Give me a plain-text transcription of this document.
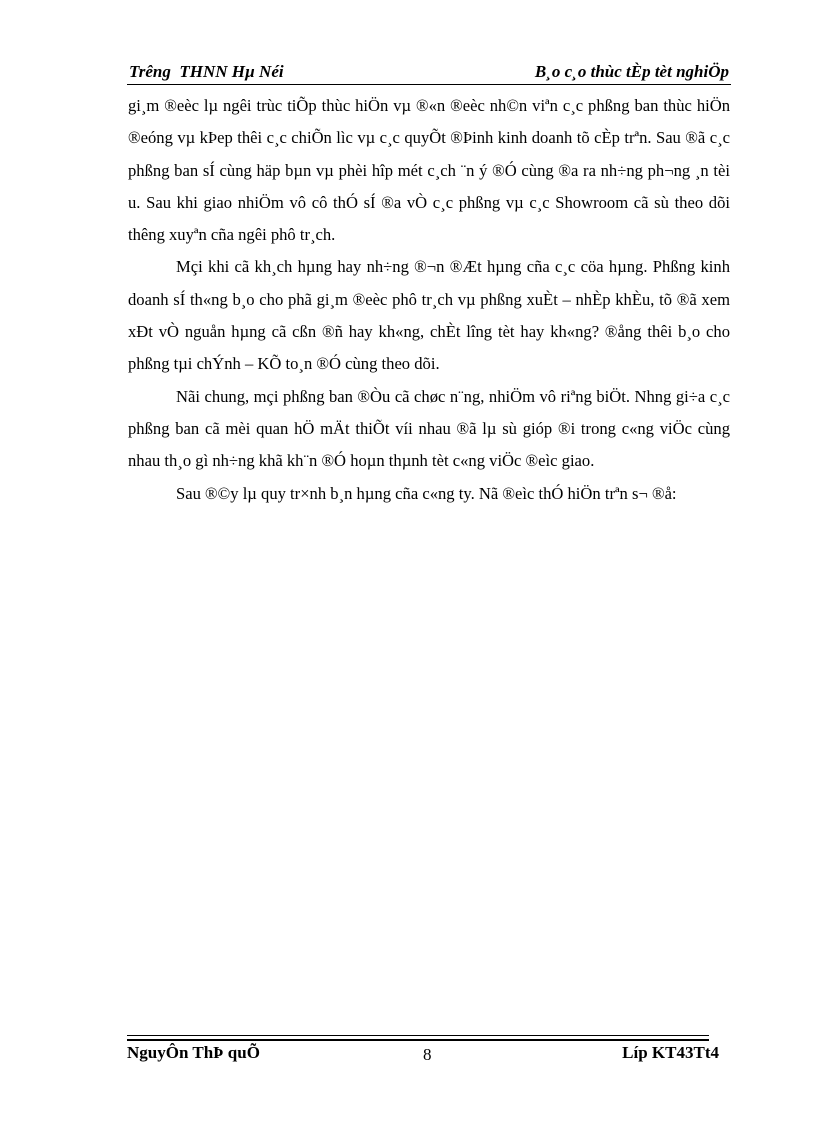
Trêng  THNN Hµ Néi	B¸o c¸o thùc tÈp tèt nghiÖp

gi¸m ®eèc lµ ngêi trùc tiÕp thùc hiÖn vµ ®«n ®eèc nh©n viªn c¸c phßng ban thùc hiÖn ®eóng vµ kÞep thêi c¸c chiÕn lìc vµ c¸c quyÕt ®Þinh kinh doanh tõ cÈp trªn. Sau ®ã c¸c phßng ban sÍ cùng häp bµn vµ phèi hîp mét c¸ch ¨n ý ®Ó cùng ®a ra nh÷ng ph¬ng ¸n tèi u. Sau khi giao nhiÖm vô cô thÓ sÍ ®a vÒ c¸c phßng vµ c¸c Showroom cã sù theo dõi thêng xuyªn cña ngêi phô tr¸ch.

Mçi khi cã kh¸ch hµng hay nh÷ng ®¬n ®Æt hµng cña c¸c cöa hµng. Phßng kinh doanh sÍ th«ng b¸o cho phã gi¸m ®eèc phô tr¸ch vµ phßng xuÈt – nhÈp khÈu, tõ ®ã xem xÐt vÒ nguån hµng cã cßn ®ñ hay kh«ng, chÈt lîng tèt hay kh«ng? ®ång thêi b¸o cho phßng tµi chÝnh – KÕ to¸n ®Ó cùng theo dõi.

Nãi chung, mçi phßng ban ®Òu cã chøc n¨ng, nhiÖm vô riªng biÖt. Nhng gi÷a c¸c phßng ban cã mèi quan hÖ mÄt thiÕt víi nhau ®ã lµ sù gióp ®i trong c«ng viÖc cùng nhau th¸o gì nh÷ng khã kh¨n ®Ó hoµn thµnh tèt c«ng viÖc ®eìc giao.

Sau ®©y lµ quy tr×nh b¸n hµng cña c«ng ty. Nã ®eìc thÓ hiÖn trªn s¬ ®å:

NguyÔn ThÞ quÕ	8	Líp KT43Tt4
